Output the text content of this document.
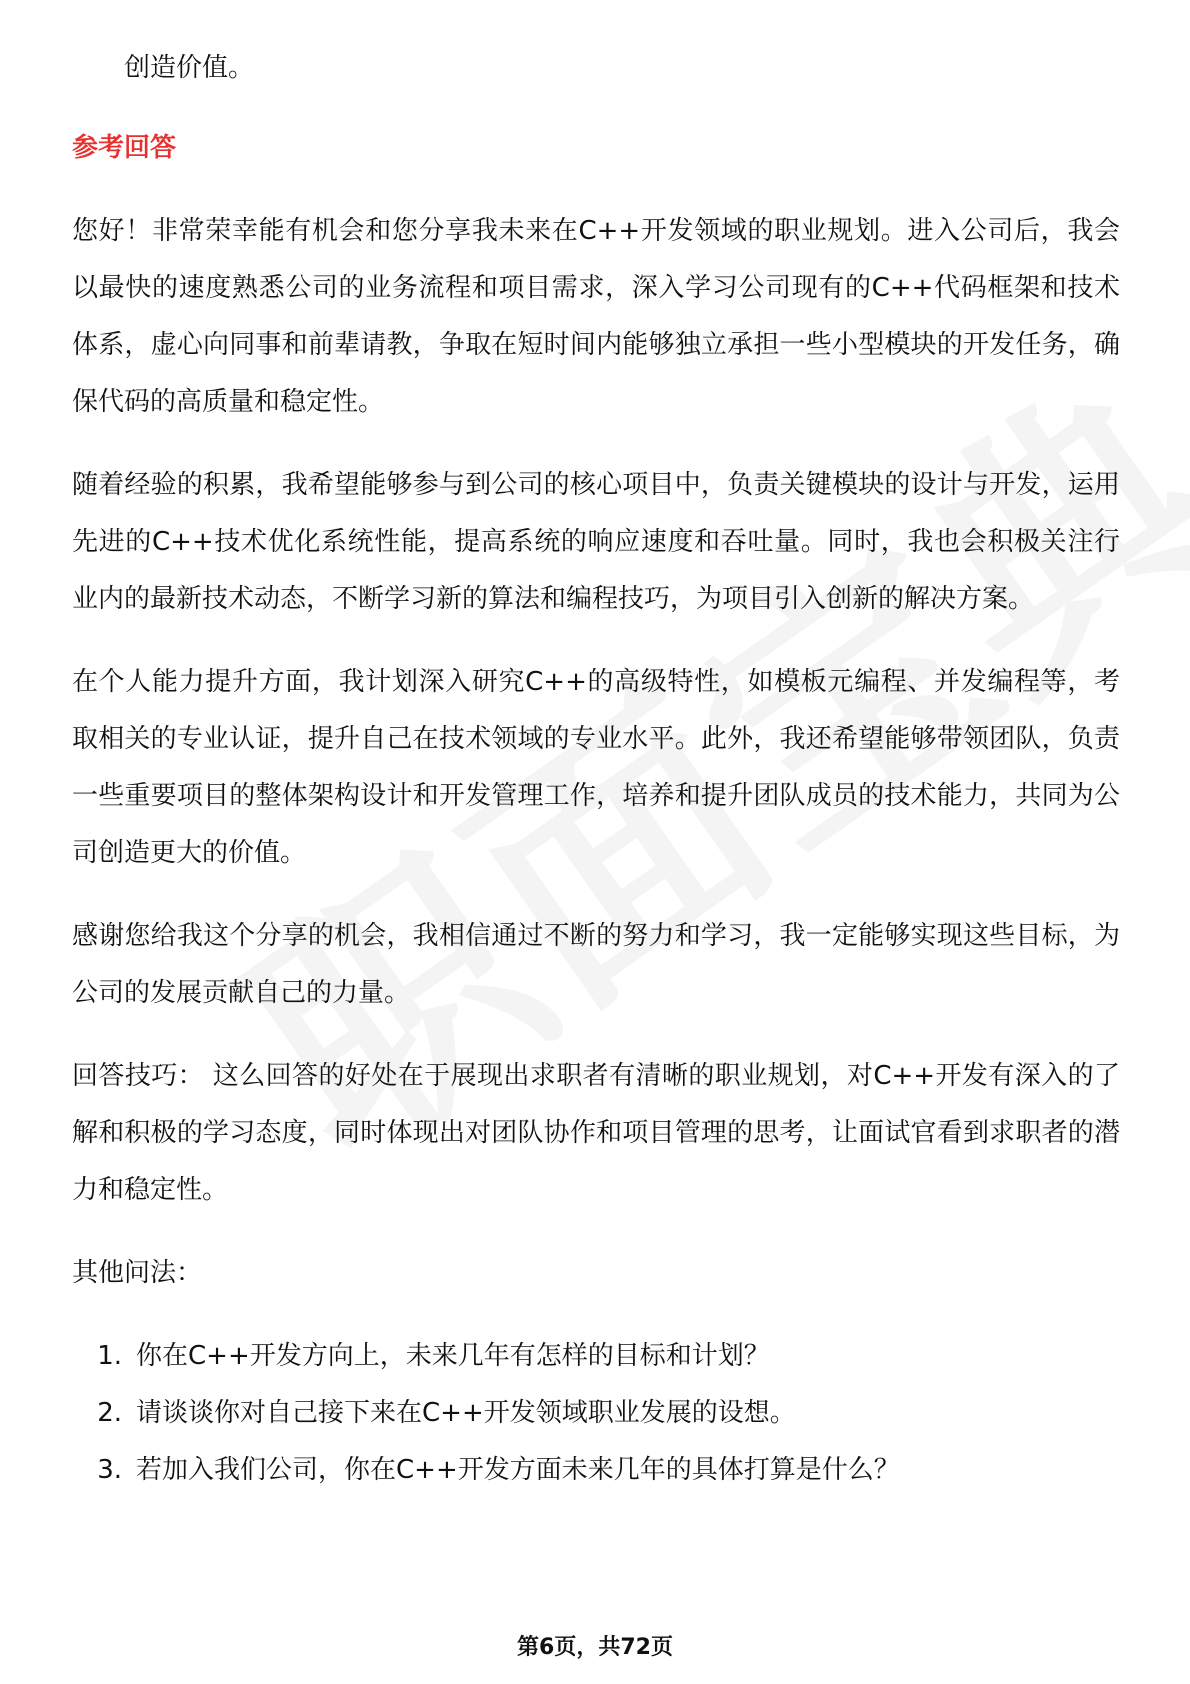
创造价值。

参考回答

您好！非常荣幸能有机会和您分享我未来在C++开发领域的职业规划。进入公司后，我会以最快的速度熟悉公司的业务流程和项目需求，深入学习公司现有的C++代码框架和技术体系，虚心向同事和前辈请教，争取在短时间内能够独立承担一些小型模块的开发任务，确保代码的高质量和稳定性。

随着经验的积累，我希望能够参与到公司的核心项目中，负责关键模块的设计与开发，运用先进的C++技术优化系统性能，提高系统的响应速度和吞吐量。同时，我也会积极关注行业内的最新技术动态，不断学习新的算法和编程技巧，为项目引入创新的解决方案。

在个人能力提升方面，我计划深入研究C++的高级特性，如模板元编程、并发编程等，考取相关的专业认证，提升自己在技术领域的专业水平。此外，我还希望能够带领团队，负责一些重要项目的整体架构设计和开发管理工作，培养和提升团队成员的技术能力，共同为公司创造更大的价值。

感谢您给我这个分享的机会，我相信通过不断的努力和学习，我一定能够实现这些目标，为公司的发展贡献自己的力量。

回答技巧： 这么回答的好处在于展现出求职者有清晰的职业规划，对C++开发有深入的了解和积极的学习态度，同时体现出对团队协作和项目管理的思考，让面试官看到求职者的潜力和稳定性。

其他问法：

1. 你在C++开发方向上，未来几年有怎样的目标和计划？
2. 请谈谈你对自己接下来在C++开发领域职业发展的设想。
3. 若加入我们公司，你在C++开发方面未来几年的具体打算是什么？
第6页，共72页
